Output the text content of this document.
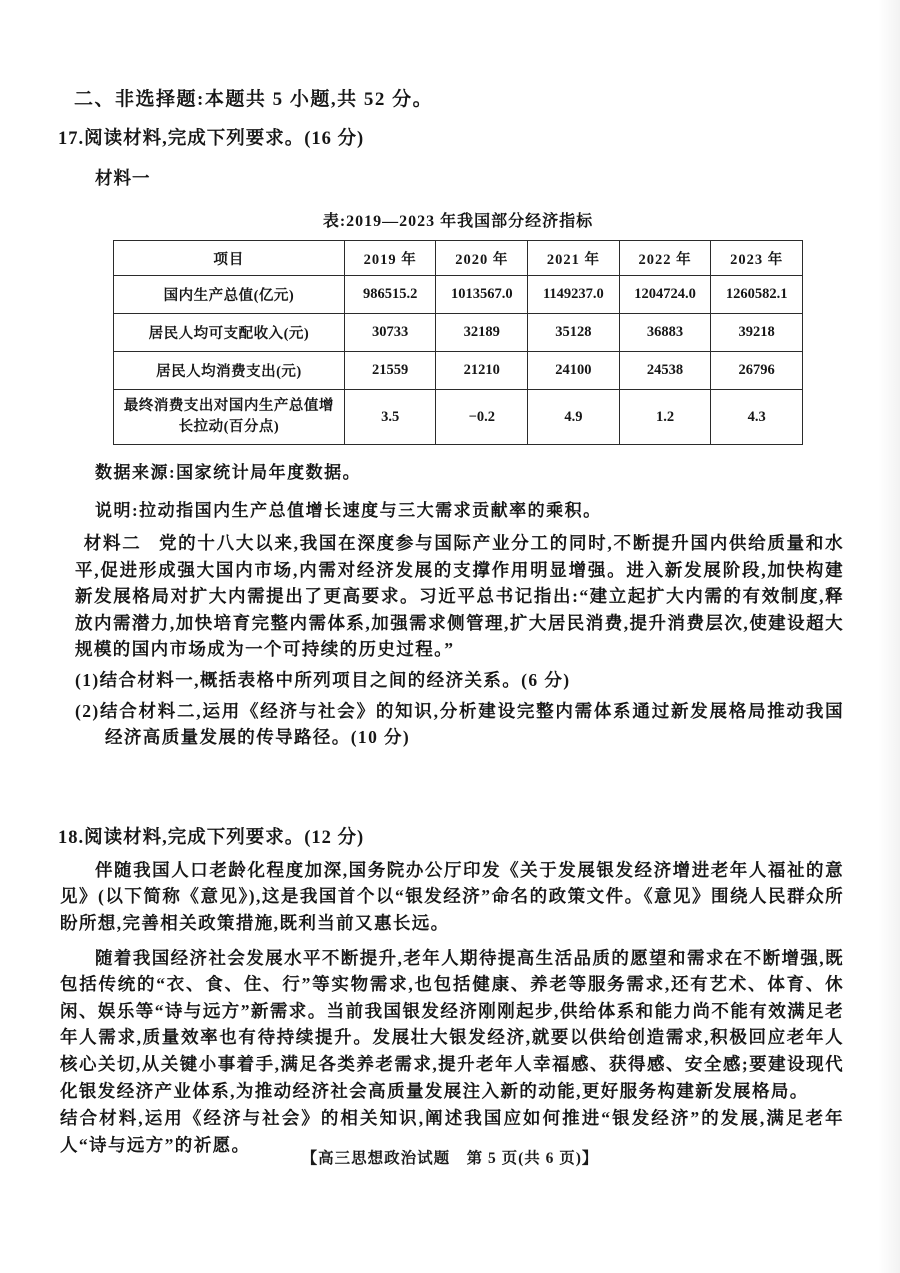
二、非选择题:本题共 5 小题,共 52 分。
17.阅读材料,完成下列要求。(16 分)
材料一
表:2019—2023 年我国部分经济指标
项目	2019 年	2020 年	2021 年	2022 年	2023 年
国内生产总值(亿元)	986515.2	1013567.0	1149237.0	1204724.0	1260582.1
居民人均可支配收入(元)	30733	32189	35128	36883	39218
居民人均消费支出(元)	21559	21210	24100	24538	26796
最终消费支出对国内生产总值增长拉动(百分点)	3.5	−0.2	4.9	1.2	4.3
数据来源:国家统计局年度数据。
说明:拉动指国内生产总值增长速度与三大需求贡献率的乘积。

材料二 党的十八大以来,我国在深度参与国际产业分工的同时,不断提升国内供给质量和水平,促进形成强大国内市场,内需对经济发展的支撑作用明显增强。进入新发展阶段,加快构建新发展格局对扩大内需提出了更高要求。习近平总书记指出:“建立起扩大内需的有效制度,释放内需潜力,加快培育完整内需体系,加强需求侧管理,扩大居民消费,提升消费层次,使建设超大规模的国内市场成为一个可持续的历史过程。”

(1)结合材料一,概括表格中所列项目之间的经济关系。(6 分)
(2)结合材料二,运用《经济与社会》的知识,分析建设完整内需体系通过新发展格局推动我国经济高质量发展的传导路径。(10 分)
18.阅读材料,完成下列要求。(12 分)

伴随我国人口老龄化程度加深,国务院办公厅印发《关于发展银发经济增进老年人福祉的意见》(以下简称《意见》),这是我国首个以“银发经济”命名的政策文件。《意见》围绕人民群众所盼所想,完善相关政策措施,既利当前又惠长远。

随着我国经济社会发展水平不断提升,老年人期待提高生活品质的愿望和需求在不断增强,既包括传统的“衣、食、住、行”等实物需求,也包括健康、养老等服务需求,还有艺术、体育、休闲、娱乐等“诗与远方”新需求。当前我国银发经济刚刚起步,供给体系和能力尚不能有效满足老年人需求,质量效率也有待持续提升。发展壮大银发经济,就要以供给创造需求,积极回应老年人核心关切,从关键小事着手,满足各类养老需求,提升老年人幸福感、获得感、安全感;要建设现代化银发经济产业体系,为推动经济社会高质量发展注入新的动能,更好服务构建新发展格局。

结合材料,运用《经济与社会》的相关知识,阐述我国应如何推进“银发经济”的发展,满足老年人“诗与远方”的祈愿。

【高三思想政治试题　第 5 页(共 6 页)】
